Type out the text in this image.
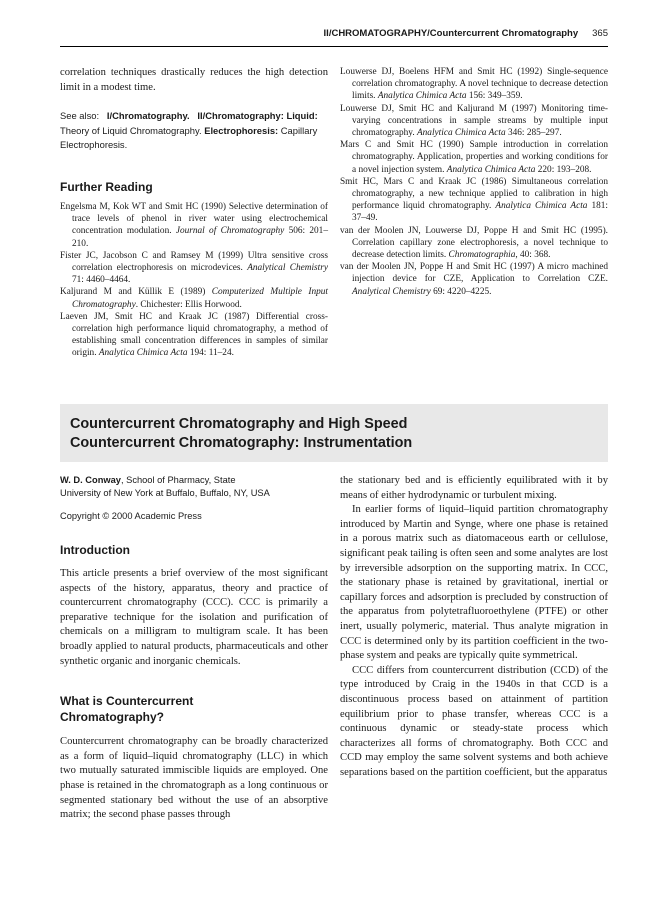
II/CHROMATOGRAPHY/Countercurrent Chromatography 365

correlation techniques drastically reduces the high detection limit in a modest time.

See also: I/Chromatography. II/Chromatography: Liquid: Theory of Liquid Chromatography. Electrophoresis: Capillary Electrophoresis.

Further Reading

Engelsma M, Kok WT and Smit HC (1990) Selective determination of trace levels of phenol in river water using electrochemical concentration modulation. Journal of Chromatography 506: 201–210.

Fister JC, Jacobson C and Ramsey M (1999) Ultra sensitive cross correlation electrophoresis on microdevices. Analytical Chemistry 71: 4460–4464.

Kaljurand M and Küllik E (1989) Computerized Multiple Input Chromatography. Chichester: Ellis Horwood.

Laeven JM, Smit HC and Kraak JC (1987) Differential cross-correlation high performance liquid chromatography, a method of establishing small concentration differences in samples of similar origin. Analytica Chimica Acta 194: 11–24.

Louwerse DJ, Boelens HFM and Smit HC (1992) Single-sequence correlation chromatography. A novel technique to decrease detection limits. Analytica Chimica Acta 156: 349–359.

Louwerse DJ, Smit HC and Kaljurand M (1997) Monitoring time-varying concentrations in sample streams by multiple input chromatography. Analytica Chimica Acta 346: 285–297.

Mars C and Smit HC (1990) Sample introduction in correlation chromatography. Application, properties and working conditions for a novel injection system. Analytica Chimica Acta 220: 193–208.

Smit HC, Mars C and Kraak JC (1986) Simultaneous correlation chromatography, a new technique applied to calibration in high performance liquid chromatography. Analytica Chimica Acta 181: 37–49.

van der Moolen JN, Louwerse DJ, Poppe H and Smit HC (1995). Correlation capillary zone electrophoresis, a novel technique to decrease detection limits. Chromatographia, 40: 368.

van der Moolen JN, Poppe H and Smit HC (1997) A micro machined injection device for CZE, Application to Correlation CZE. Analytical Chemistry 69: 4220–4225.

Countercurrent Chromatography and High Speed
Countercurrent Chromatography: Instrumentation

W. D. Conway, School of Pharmacy, State
University of New York at Buffalo, Buffalo, NY, USA

Copyright © 2000 Academic Press

Introduction

This article presents a brief overview of the most significant aspects of the history, apparatus, theory and practice of countercurrent chromatography (CCC). CCC is primarily a preparative technique for the isolation and purification of chemicals on a milligram to multigram scale. It has been broadly applied to natural products, pharmaceuticals and other synthetic organic and inorganic chemicals.

What is Countercurrent
Chromatography?

Countercurrent chromatography can be broadly characterized as a form of liquid–liquid chromatography (LLC) in which two mutually saturated immiscible liquids are employed. One phase is retained in the chromatograph as a long continuous or segmented stationary bed without the use of an absorptive matrix; the second phase passes through

the stationary bed and is efficiently equilibrated with it by means of either hydrodynamic or turbulent mixing.

In earlier forms of liquid–liquid partition chromatography introduced by Martin and Synge, where one phase is retained in a porous matrix such as diatomaceous earth or cellulose, significant peak tailing is often seen and some analytes are lost by irreversible adsorption on the supporting matrix. In CCC, the stationary phase is retained by gravitational, inertial or capillary forces and adsorption is precluded by construction of the apparatus from polytetrafluoroethylene (PTFE) or other inert, usually polymeric, material. Thus analyte migration in CCC is determined only by its partition coefficient in the two-phase system and peaks are typically quite symmetrical.

CCC differs from countercurrent distribution (CCD) of the type introduced by Craig in the 1940s in that CCD is a discontinuous process based on attainment of partition equilibrium prior to phase transfer, whereas CCC is a continuous dynamic or steady-state process which characterizes all forms of chromatography. Both CCC and CCD may employ the same solvent systems and both achieve separations based on the partition coefficient, but the apparatus
